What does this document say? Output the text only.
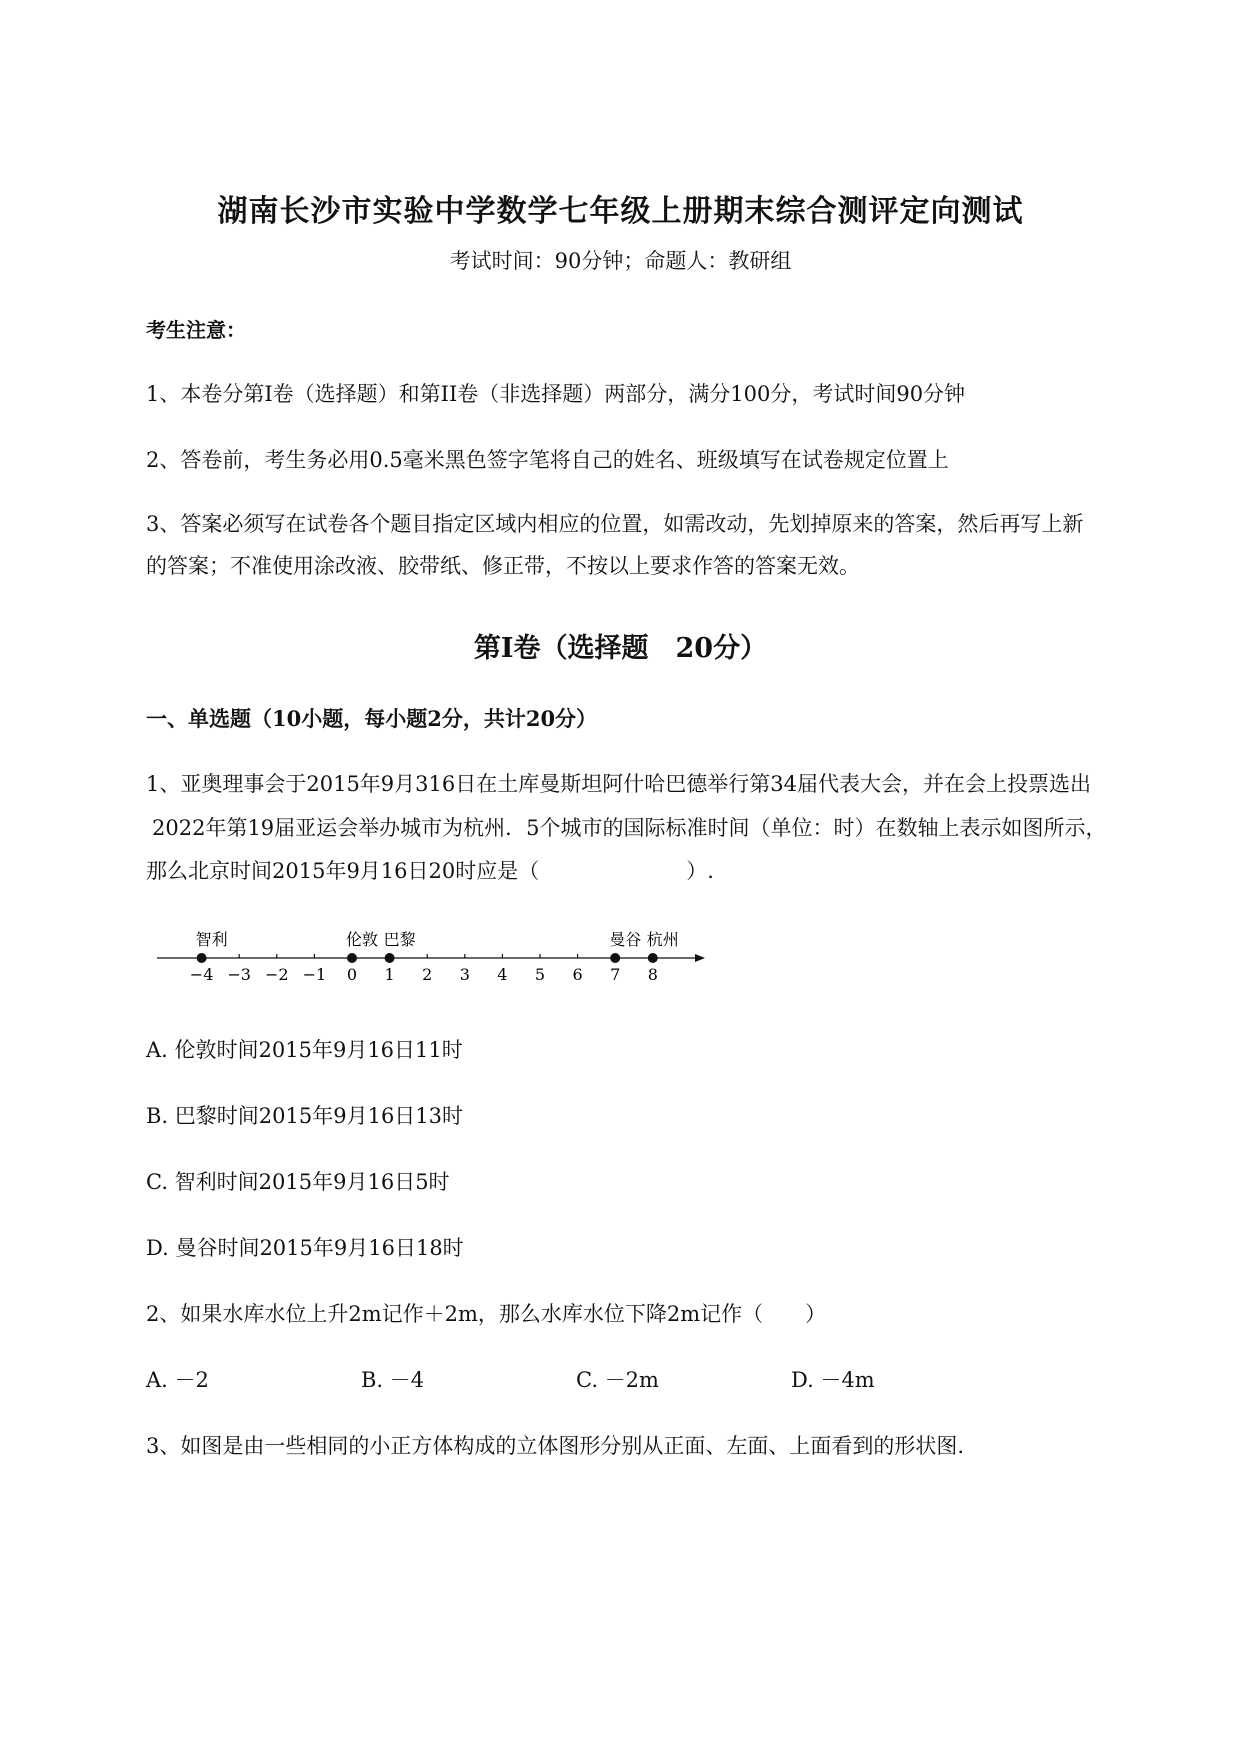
湖南长沙市实验中学数学七年级上册期末综合测评定向测试
考试时间：90分钟；命题人：教研组
考生注意：
1、本卷分第I卷（选择题）和第II卷（非选择题）两部分，满分100分，考试时间90分钟
2、答卷前，考生务必用0.5毫米黑色签字笔将自己的姓名、班级填写在试卷规定位置上
3、答案必须写在试卷各个题目指定区域内相应的位置，如需改动，先划掉原来的答案，然后再写上新
的答案；不准使用涂改液、胶带纸、修正带，不按以上要求作答的答案无效。
第I卷（选择题　20分）
一、单选题（10小题，每小题2分，共计20分）
1、亚奥理事会于2015年9月316日在土库曼斯坦阿什哈巴德举行第34届代表大会，并在会上投票选出
2022年第19届亚运会举办城市为杭州．5个城市的国际标准时间（单位：时）在数轴上表示如图所示，
那么北京时间2015年9月16日20时应是（　　　　　　　）.
−4 −3 −2 −1 0 1 2 3 4 5 6 7 8
智利	伦敦 巴黎	曼谷 杭州
A. 伦敦时间2015年9月16日11时
B. 巴黎时间2015年9月16日13时
C. 智利时间2015年9月16日5时
D. 曼谷时间2015年9月16日18时
2、如果水库水位上升2m记作＋2m，那么水库水位下降2m记作（　　）
A. －2	B. －4	C. －2m	D. －4m
3、如图是由一些相同的小正方体构成的立体图形分别从正面、左面、上面看到的形状图.
